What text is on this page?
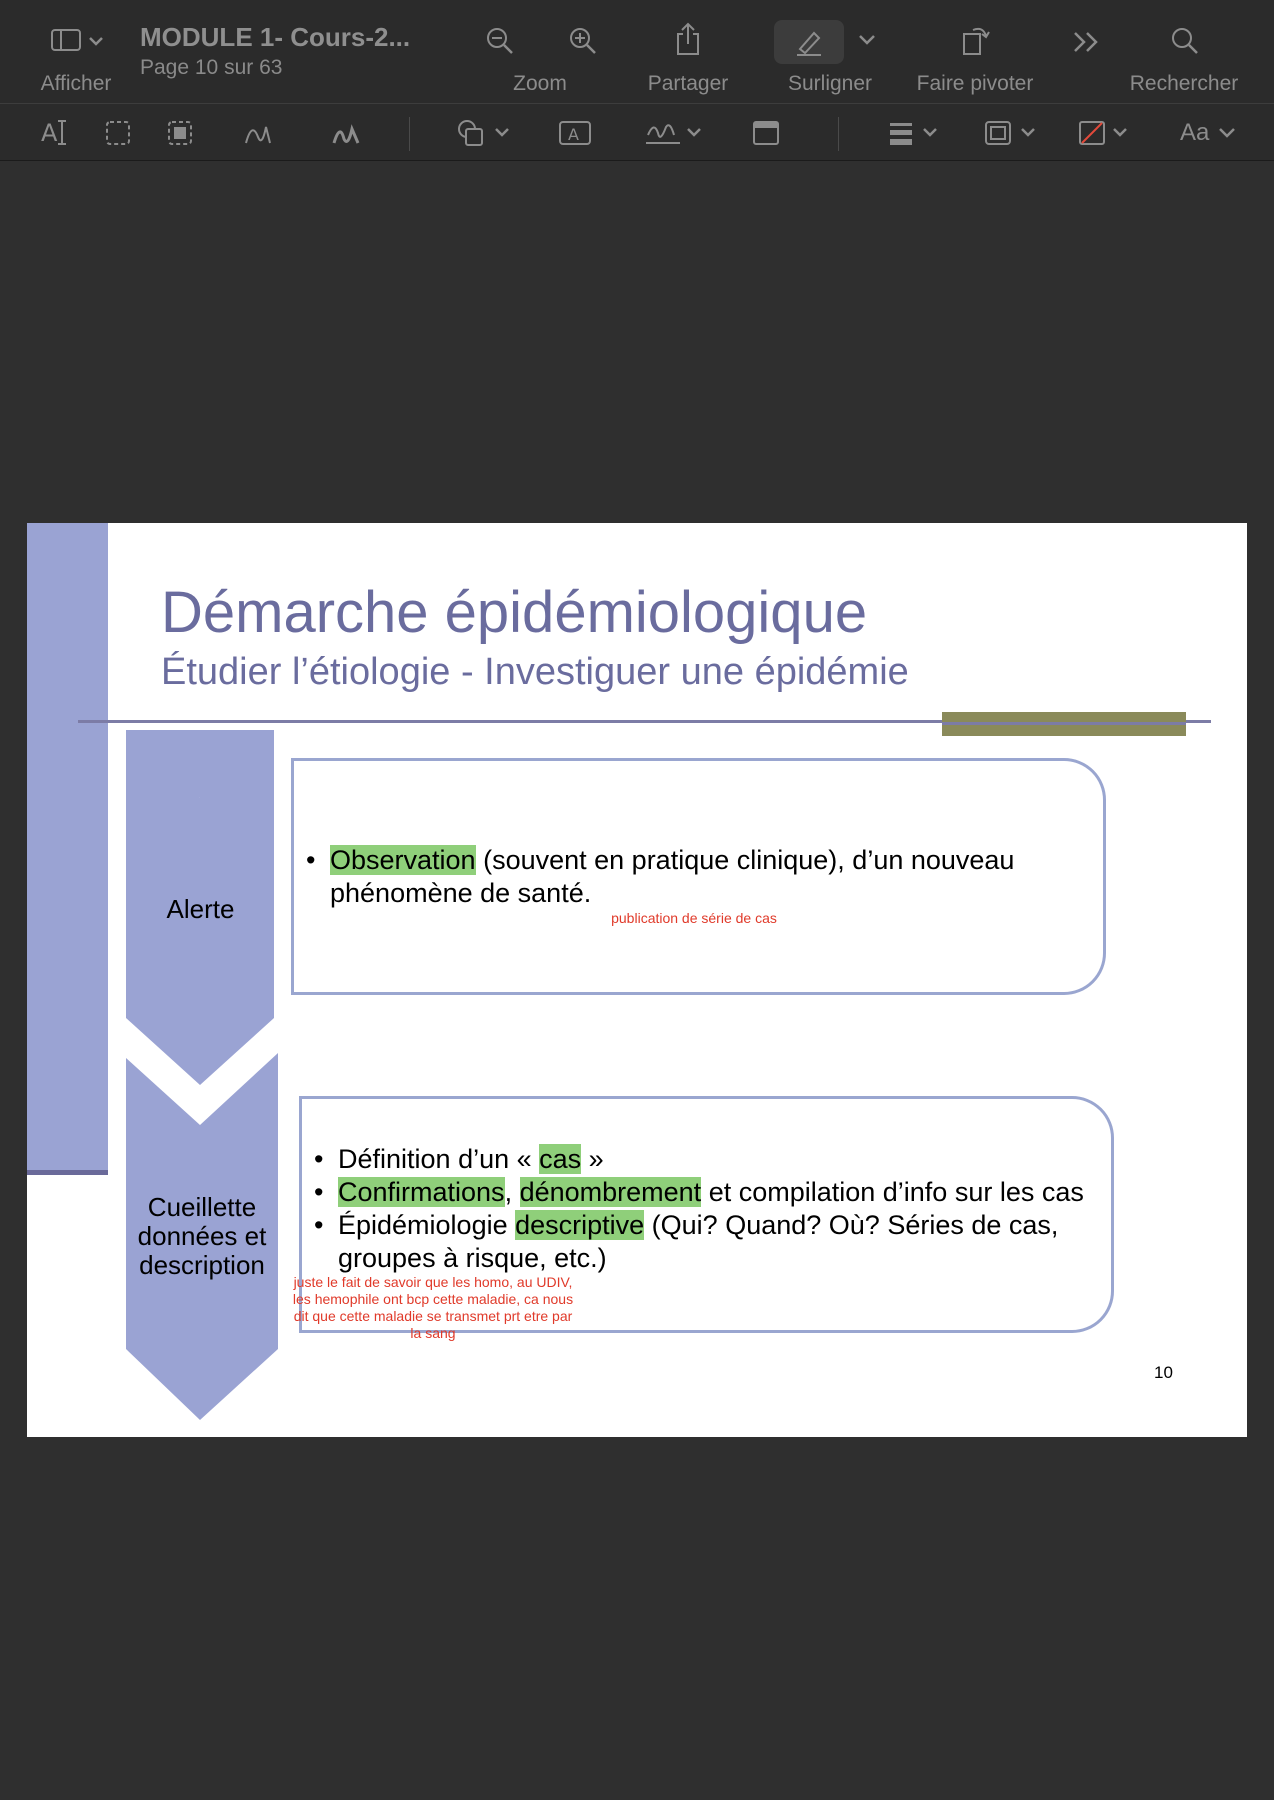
Afficher
MODULE 1- Cours-2...
Page 10 sur 63
Zoom	Partager	Surligner	Faire pivoter	Rechercher
A	A	Aa
Démarche épidémiologique
Étudier l’étiologie - Investiguer une épidémie
Alerte
Cueillette données et description
• Observation (souvent en pratique clinique), d’un nouveau phénomène de santé.
publication de série de cas
• Définition d’un « cas »
• Confirmations, dénombrement et compilation d’info sur les cas
• Épidémiologie descriptive (Qui? Quand? Où? Séries de cas, groupes à risque, etc.)
juste le fait de savoir que les homo, au UDIV, les hemophile ont bcp cette maladie, ca nous dit que cette maladie se transmet prt etre par la sang
10
